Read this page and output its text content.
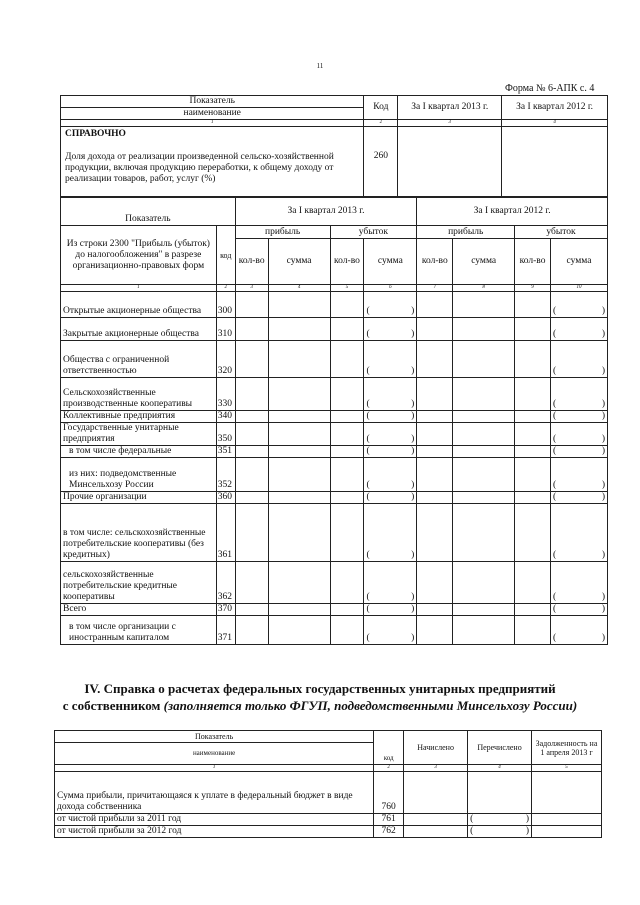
11
Форма № 6-АПК с. 4
Показатель	Код	За I квартал 2013 г.	За I квартал 2012 г.
наименование			
1	2	3	4

СПРАВОЧНО
Доля дохода от реализации произведенной сельско-хозяйственной продукции, включая продукцию переработки, к общему доходу от реализации товаров, работ, услуг (%)	260		
Показатель		За I квартал 2013 г.				За I квартал 2012 г.			
Из строки 2300 "Прибыль (убыток) до налогообложения" в разрезе организационно-правовых форм	код	прибыль		убыток		прибыль		убыток	
		кол-во	сумма	кол-во	сумма	кол-во	сумма	кол-во	сумма
1	2	3	4	5	6	7	8	9	10
Открытые акционерные общества	300				( )				( )

Закрытые акционерные общества	310				( )				( )

Общества с ограниченной ответственностью	320				( )				( )

Сельскохозяйственные производственные кооперативы	330				( )				( )

Коллективные предприятия	340				( )				( )

Государственные унитарные предприятия	350				( )				( )

в том числе федеральные	351				( )				( )

из них: подведомственные Минсельхозу России	352				( )				( )

Прочие организации	360				( )				( )

в том числе: сельскохозяйственные потребительские кооперативы (без кредитных)	361				( )				( )

сельскохозяйственные потребительские кредитные кооперативы	362				( )				( )

Всего	370				( )				( )

в том числе организации с иностранным капиталом	371				( )				( )
IV. Справка о расчетах федеральных государственных унитарных предприятий
с собственником (заполняется только ФГУП, подведомственными Минсельхозу России)
Показатель	код	Начислено	Перечислено	Задолженность на 1 апреля 2013 г
наименование				

1	2	3	4	5
Сумма прибыли, причитающаяся к уплате в федеральный бюджет в виде дохода собственника	760			
от чистой прибыли за 2011 год	761		( )	

от чистой прибыли за 2012 год	762		( )	
